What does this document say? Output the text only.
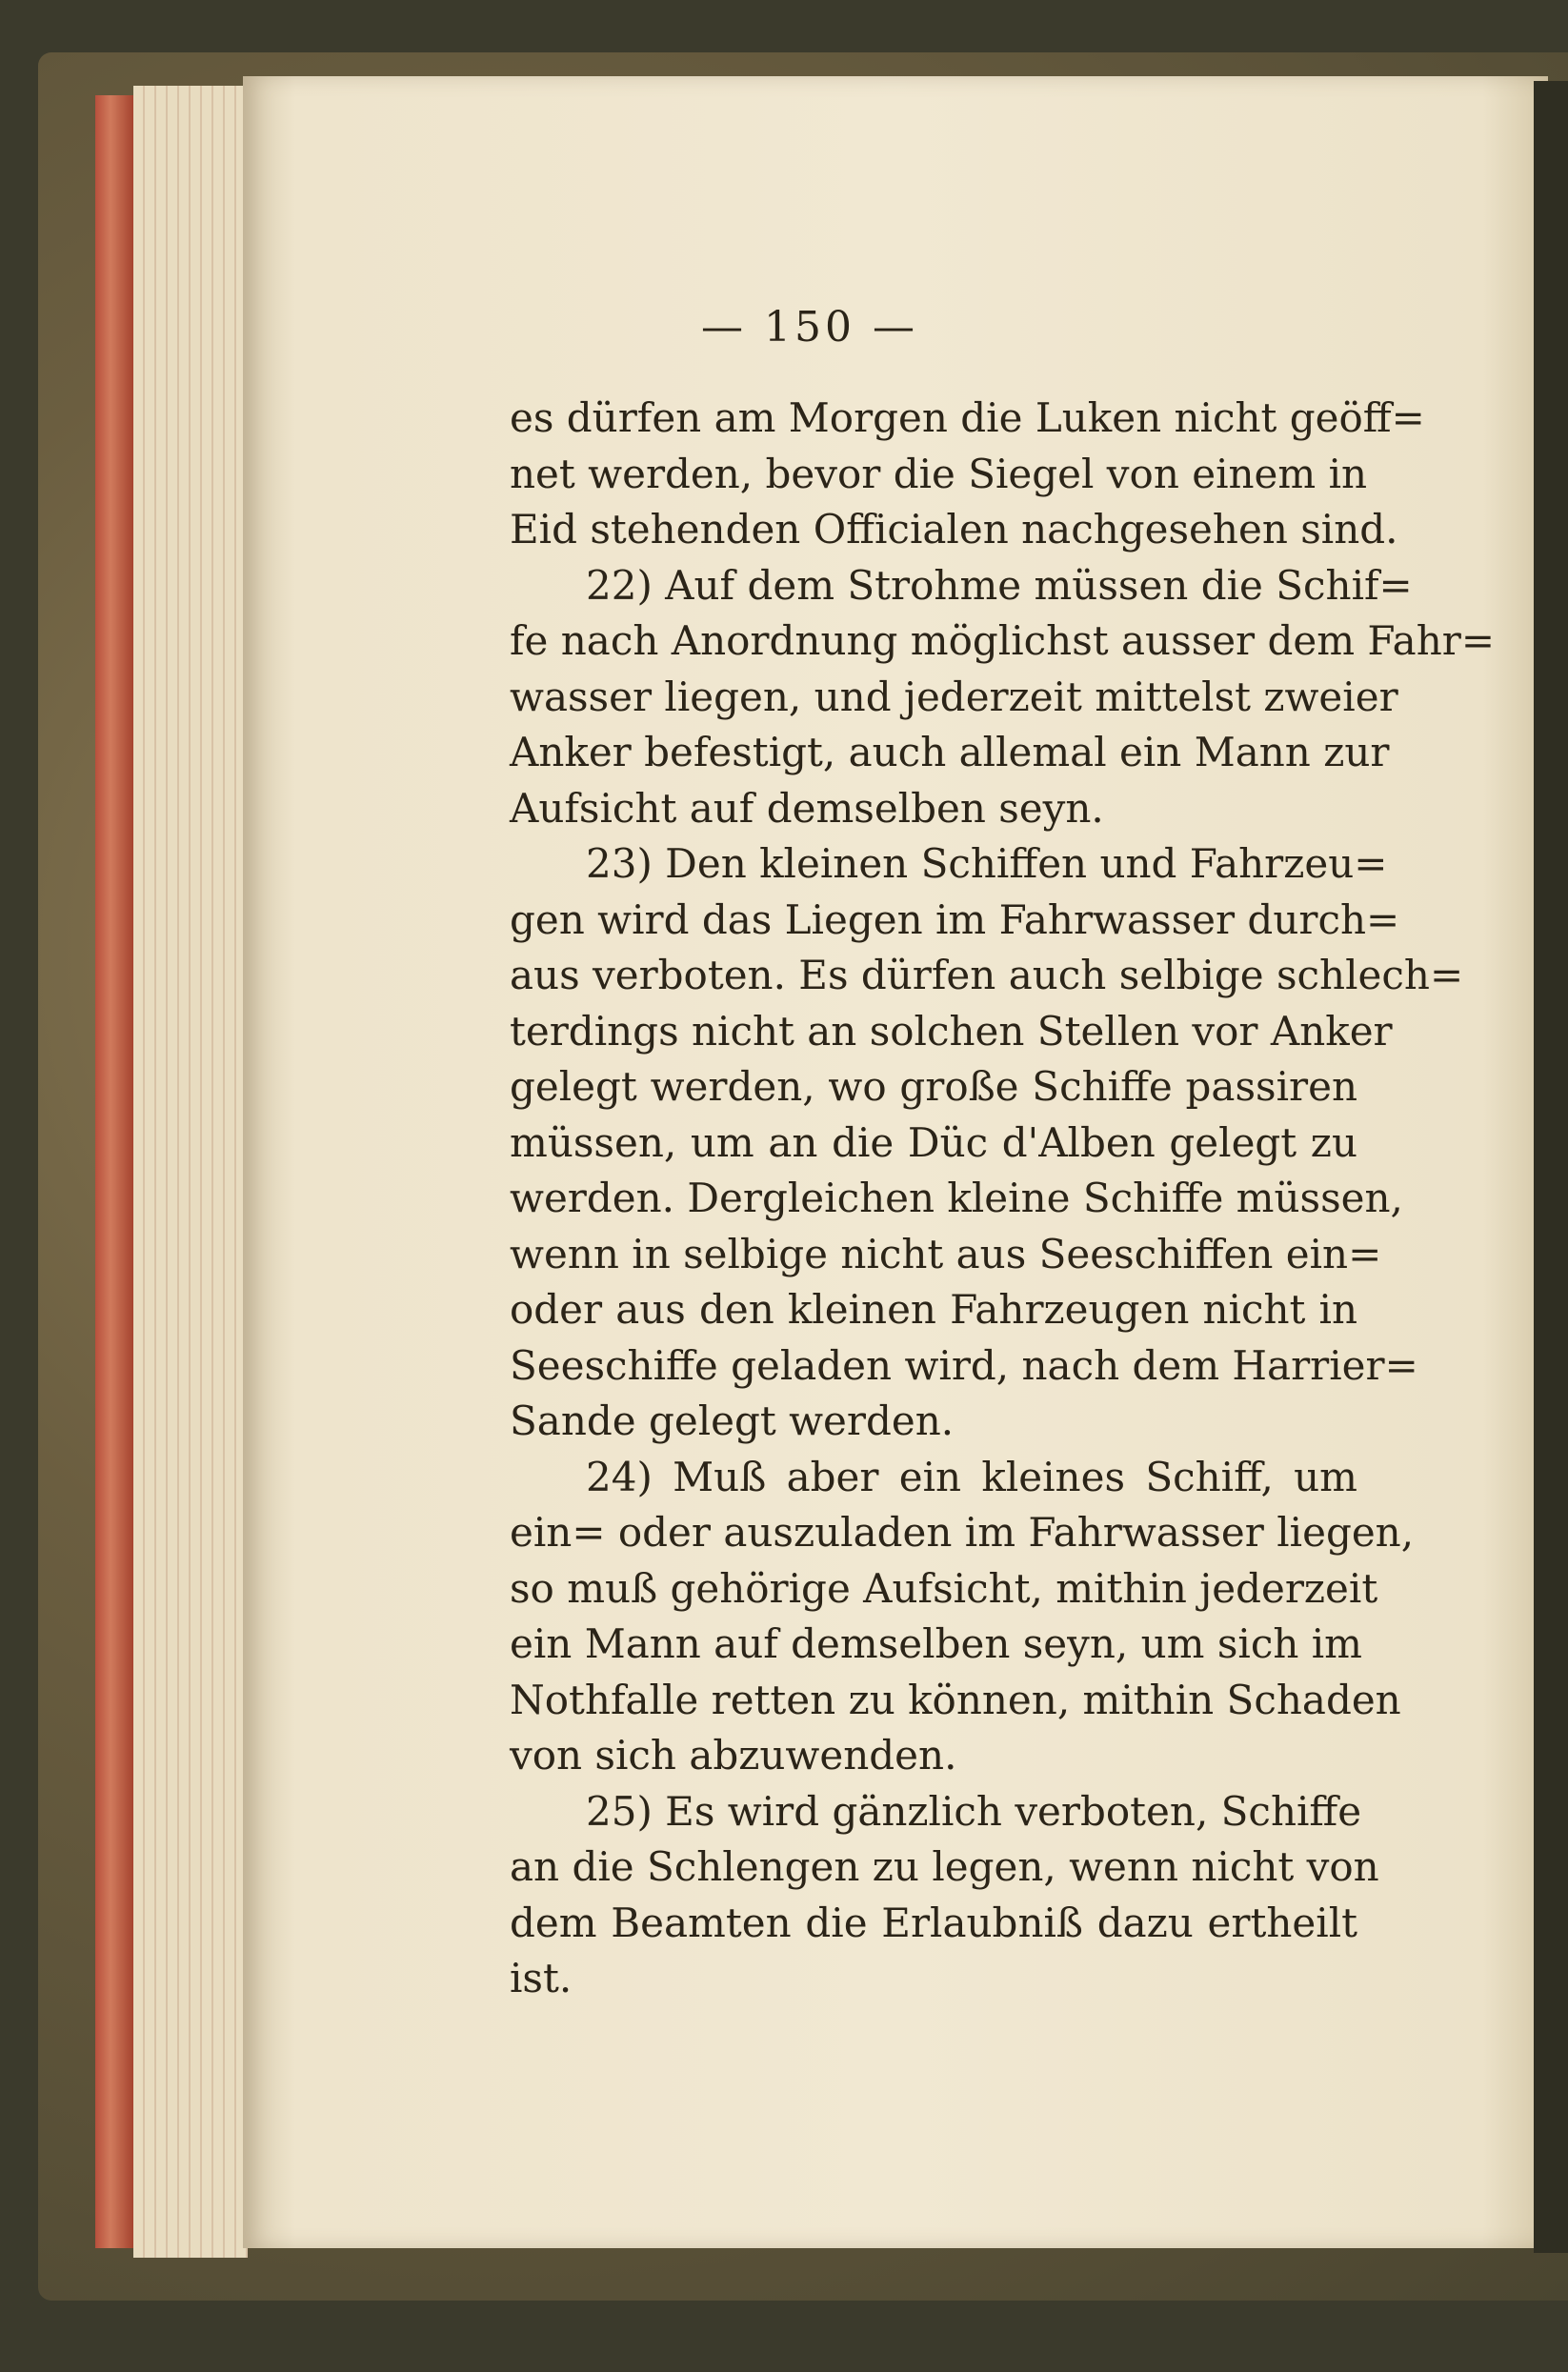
— 150 —
es dürfen am Morgen die Luken nicht geöff=
net werden, bevor die Siegel von einem in
Eid stehenden Officialen nachgesehen sind.
22) Auf dem Strohme müssen die Schif=
fe nach Anordnung möglichst ausser dem Fahr=
wasser liegen, und jederzeit mittelst zweier
Anker befestigt, auch allemal ein Mann zur
Aufsicht auf demselben seyn.
23) Den kleinen Schiffen und Fahrzeu=
gen wird das Liegen im Fahrwasser durch=
aus verboten. Es dürfen auch selbige schlech=
terdings nicht an solchen Stellen vor Anker
gelegt werden, wo große Schiffe passiren
müssen, um an die Düc d'Alben gelegt zu
werden. Dergleichen kleine Schiffe müssen,
wenn in selbige nicht aus Seeschiffen ein=
oder aus den kleinen Fahrzeugen nicht in
Seeschiffe geladen wird, nach dem Harrier=
Sande gelegt werden.
24) Muß aber ein kleines Schiff, um
ein= oder auszuladen im Fahrwasser liegen,
so muß gehörige Aufsicht, mithin jederzeit
ein Mann auf demselben seyn, um sich im
Nothfalle retten zu können, mithin Schaden
von sich abzuwenden.
25) Es wird gänzlich verboten, Schiffe
an die Schlengen zu legen, wenn nicht von
dem Beamten die Erlaubniß dazu ertheilt
ist.
